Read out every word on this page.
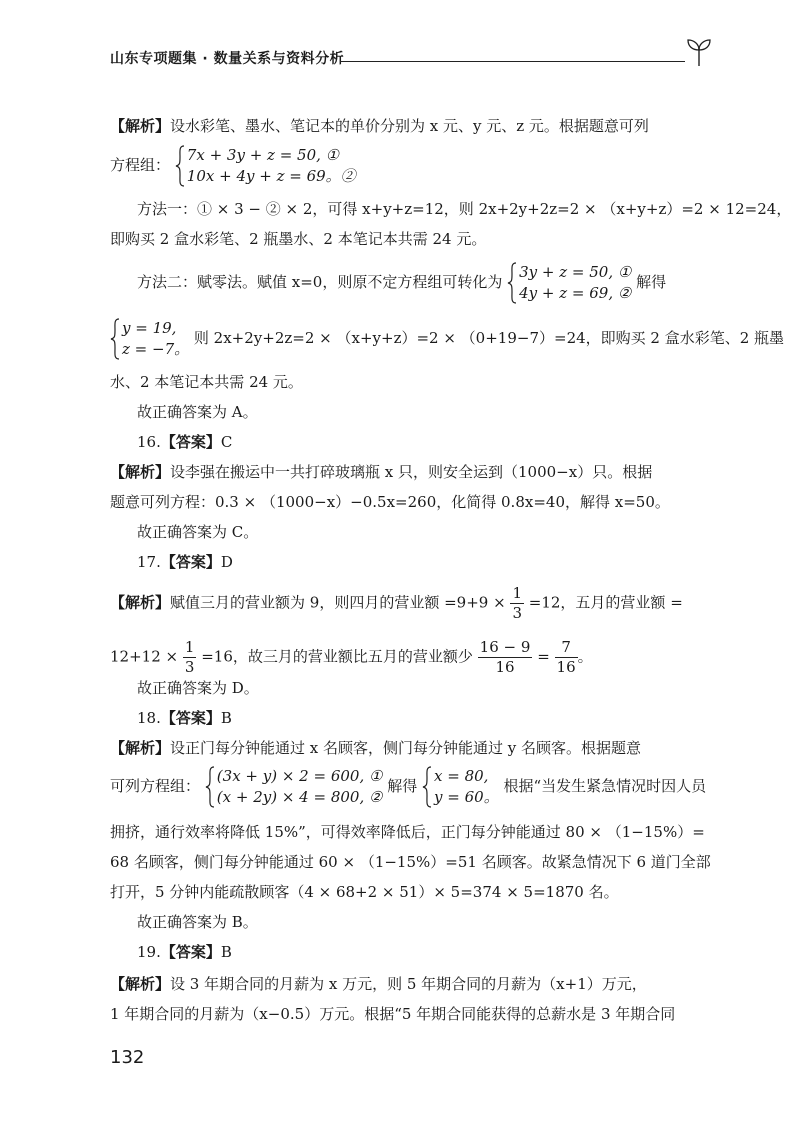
山东专项题集 · 数量关系与资料分析
【解析】设水彩笔、墨水、笔记本的单价分别为 x 元、y 元、z 元。根据题意可列
方程组：
7x + 3y + z = 50, ①
10x + 4y + z = 69。②
方法一：① × 3 − ② × 2，可得 x+y+z=12，则 2x+2y+2z=2 × （x+y+z）=2 × 12=24，
即购买 2 盒水彩笔、2 瓶墨水、2 本笔记本共需 24 元。
方法二：赋零法。赋值 x=0，则原不定方程组可转化为
3y + z = 50, ①
4y + z = 69, ②
解得
y = 19,
z = −7。
则 2x+2y+2z=2 × （x+y+z）=2 × （0+19−7）=24，即购买 2 盒水彩笔、2 瓶墨
水、2 本笔记本共需 24 元。
故正确答案为 A。
16.【答案】C
【解析】设李强在搬运中一共打碎玻璃瓶 x 只，则安全运到（1000−x）只。根据
题意可列方程：0.3 × （1000−x）−0.5x=260，化简得 0.8x=40，解得 x=50。
故正确答案为 C。
17.【答案】D
【解析】赋值三月的营业额为 9，则四月的营业额 $=9+9 \times \frac{1}{3} =12$，五月的营业额 =
$12+12 \times \frac{1}{3} =16$，故三月的营业额比五月的营业额少 $\frac{16 - 9}{16} = \frac{7}{16}$ 。
故正确答案为 D。
18.【答案】B
【解析】设正门每分钟能通过 x 名顾客，侧门每分钟能通过 y 名顾客。根据题意
可列方程组：
(3x + y) × 2 = 600, ①
(x + 2y) × 4 = 800, ②
解得
x = 80,
y = 60。
根据“当发生紧急情况时因人员
拥挤，通行效率将降低 15%”，可得效率降低后，正门每分钟能通过 80 × （1−15%）=
68 名顾客，侧门每分钟能通过 60 × （1−15%）=51 名顾客。故紧急情况下 6 道门全部
打开，5 分钟内能疏散顾客（4 × 68+2 × 51）× 5=374 × 5=1870 名。
故正确答案为 B。
19.【答案】B
【解析】设 3 年期合同的月薪为 x 万元，则 5 年期合同的月薪为（x+1）万元，
1 年期合同的月薪为（x−0.5）万元。根据“5 年期合同能获得的总薪水是 3 年期合同
132
